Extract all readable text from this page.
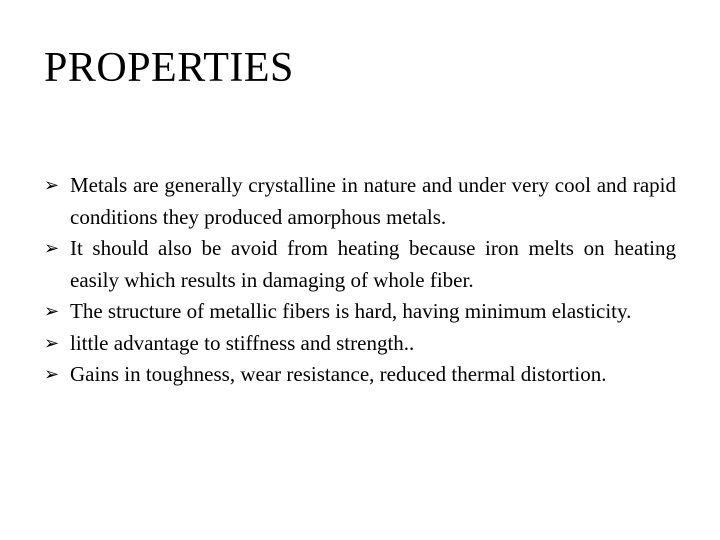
PROPERTIES
➢ Metals are generally crystalline in nature and under very cool and rapid conditions they produced amorphous metals.
➢ It should also be avoid from heating because iron melts on heating easily which results in damaging of whole fiber.
➢ The structure of metallic fibers is hard, having minimum elasticity.
➢ little advantage to stiffness and strength..
➢ Gains in toughness, wear resistance, reduced thermal distortion.
